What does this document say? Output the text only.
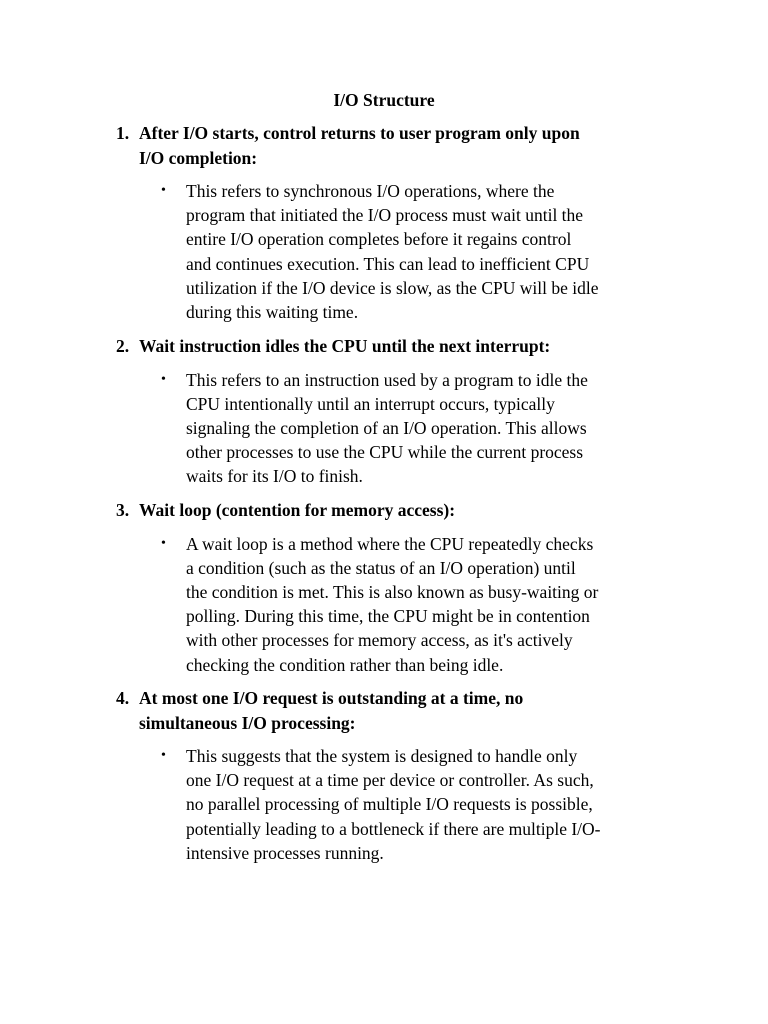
I/O Structure
1. After I/O starts, control returns to user program only upon
I/O completion:
• This refers to synchronous I/O operations, where the
program that initiated the I/O process must wait until the
entire I/O operation completes before it regains control
and continues execution. This can lead to inefficient CPU
utilization if the I/O device is slow, as the CPU will be idle
during this waiting time.
2. Wait instruction idles the CPU until the next interrupt:
• This refers to an instruction used by a program to idle the
CPU intentionally until an interrupt occurs, typically
signaling the completion of an I/O operation. This allows
other processes to use the CPU while the current process
waits for its I/O to finish.
3. Wait loop (contention for memory access):
• A wait loop is a method where the CPU repeatedly checks
a condition (such as the status of an I/O operation) until
the condition is met. This is also known as busy-waiting or
polling. During this time, the CPU might be in contention
with other processes for memory access, as it's actively
checking the condition rather than being idle.
4. At most one I/O request is outstanding at a time, no
simultaneous I/O processing:
• This suggests that the system is designed to handle only
one I/O request at a time per device or controller. As such,
no parallel processing of multiple I/O requests is possible,
potentially leading to a bottleneck if there are multiple I/O-
intensive processes running.
